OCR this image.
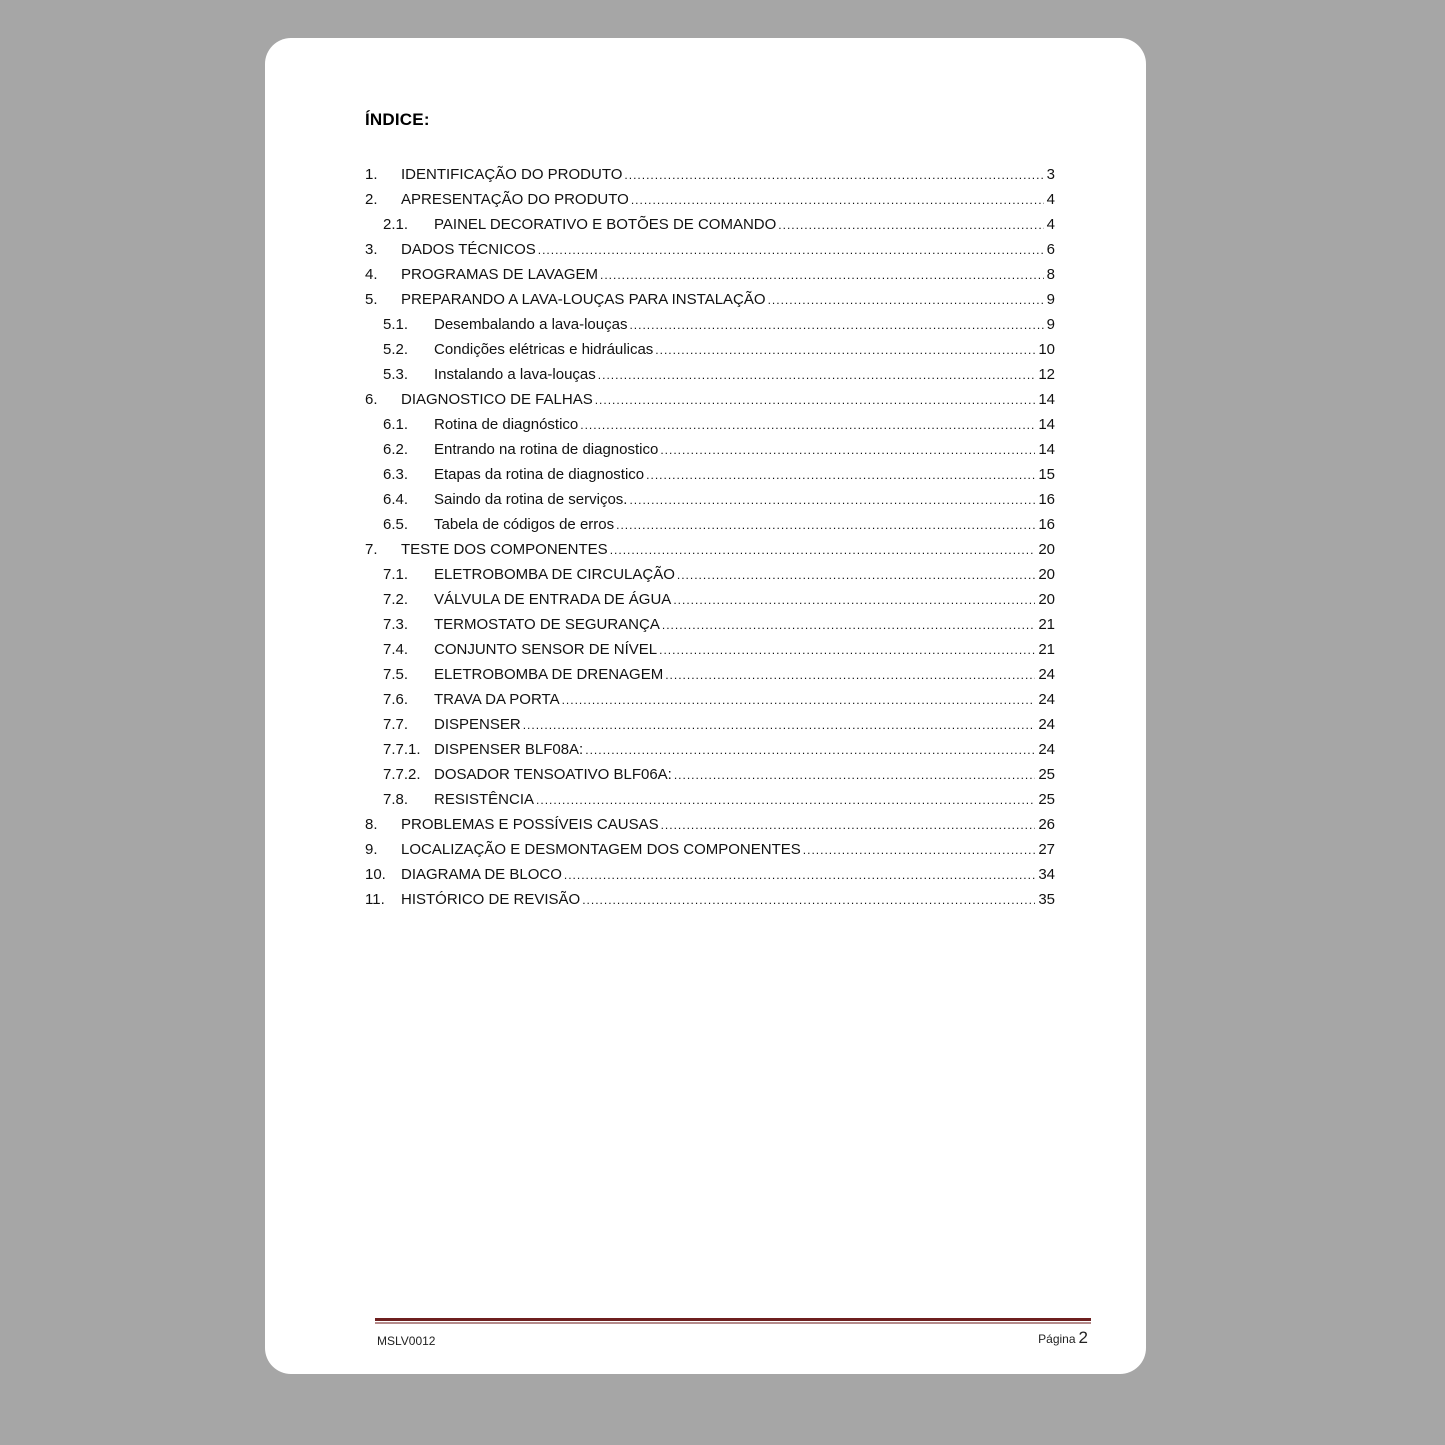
ÍNDICE:
1. IDENTIFICAÇÃO DO PRODUTO .....	3
2. APRESENTAÇÃO DO PRODUTO .....	4
2.1. PAINEL DECORATIVO E BOTÕES DE COMANDO .....	4
3. DADOS TÉCNICOS .....	6
4. PROGRAMAS DE LAVAGEM .....	8
5. PREPARANDO A LAVA-LOUÇAS PARA INSTALAÇÃO .....	9
5.1. Desembalando a lava-louças .....	9
5.2. Condições elétricas e hidráulicas .....	10
5.3. Instalando a lava-louças .....	12
6. DIAGNOSTICO DE FALHAS .....	14
6.1. Rotina de diagnóstico .....	14
6.2. Entrando na rotina de diagnostico .....	14
6.3. Etapas da rotina de diagnostico .....	15
6.4. Saindo da rotina de serviços. .....	16
6.5. Tabela de códigos de erros .....	16
7. TESTE DOS COMPONENTES .....	20
7.1. ELETROBOMBA DE CIRCULAÇÃO .....	20
7.2. VÁLVULA DE ENTRADA DE ÁGUA .....	20
7.3. TERMOSTATO DE SEGURANÇA .....	21
7.4. CONJUNTO SENSOR DE NÍVEL .....	21
7.5. ELETROBOMBA DE DRENAGEM .....	24
7.6. TRAVA DA PORTA .....	24
7.7. DISPENSER .....	24
7.7.1. DISPENSER BLF08A: .....	24
7.7.2. DOSADOR TENSOATIVO BLF06A: .....	25
7.8. RESISTÊNCIA .....	25
8. PROBLEMAS E POSSÍVEIS CAUSAS .....	26
9. LOCALIZAÇÃO E DESMONTAGEM DOS COMPONENTES .....	27
10. DIAGRAMA DE BLOCO .....	34
11. HISTÓRICO DE REVISÃO .....	35
MSLV0012	Página 2
